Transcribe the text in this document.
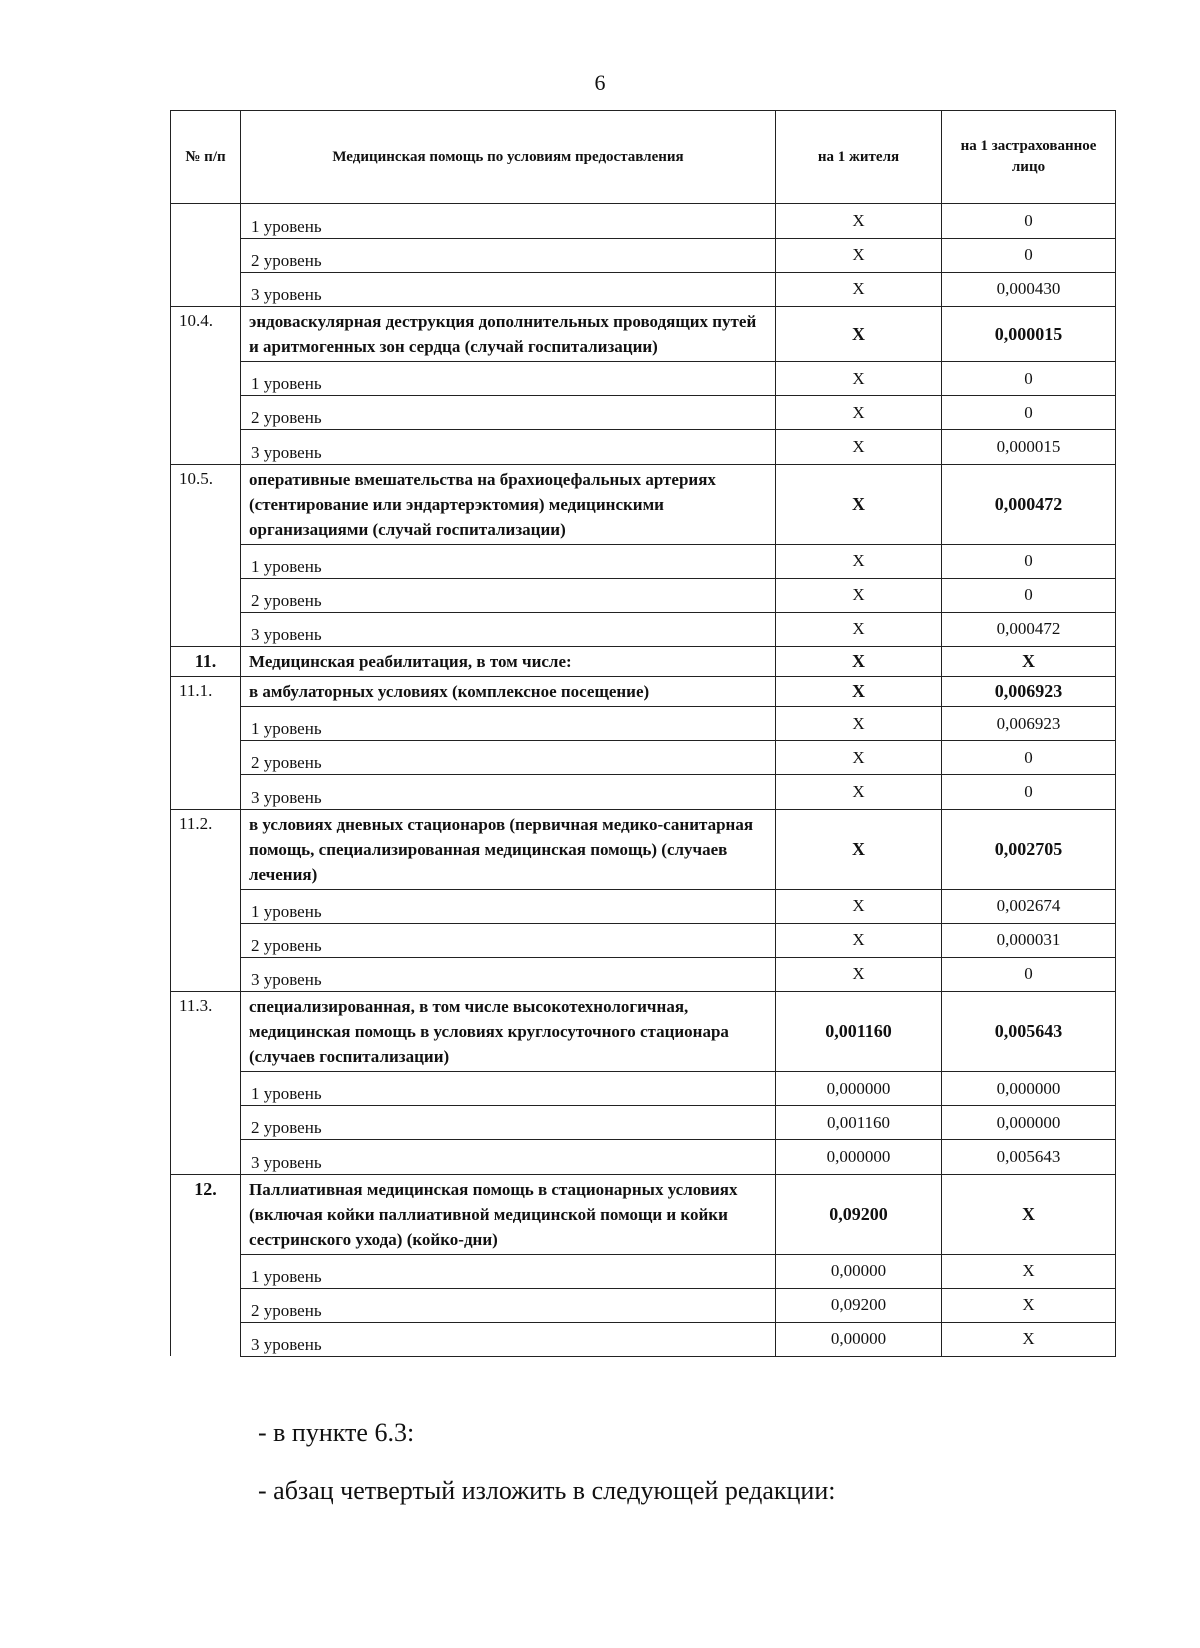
6
№ п/п	Медицинская помощь по условиям предоставления	на 1 жителя	на 1 застрахованное лицо
	1 уровень	X	0
	2 уровень	X	0
	3 уровень	X	0,000430
10.4.	эндоваскулярная деструкция дополнительных проводящих путей и аритмогенных зон сердца (случай госпитализации)	X	0,000015
	1 уровень	X	0
	2 уровень	X	0
	3 уровень	X	0,000015
10.5.	оперативные вмешательства на брахиоцефальных артериях (стентирование или эндартерэктомия) медицинскими организациями (случай госпитализации)	X	0,000472
	1 уровень	X	0
	2 уровень	X	0
	3 уровень	X	0,000472
11.	Медицинская реабилитация, в том числе:	X	X
11.1.	в амбулаторных условиях (комплексное посещение)	X	0,006923
	1 уровень	X	0,006923
	2 уровень	X	0
	3 уровень	X	0
11.2.	в условиях дневных стационаров (первичная медико-санитарная помощь, специализированная медицинская помощь) (случаев лечения)	X	0,002705
	1 уровень	X	0,002674
	2 уровень	X	0,000031
	3 уровень	X	0
11.3.	специализированная, в том числе высокотехнологичная, медицинская помощь в условиях круглосуточного стационара (случаев госпитализации)	0,001160	0,005643
	1 уровень	0,000000	0,000000
	2 уровень	0,001160	0,000000
	3 уровень	0,000000	0,005643
12.	Паллиативная медицинская помощь в стационарных условиях (включая койки паллиативной медицинской помощи и койки сестринского ухода) (койко-дни)	0,09200	X
	1 уровень	0,00000	X
	2 уровень	0,09200	X
	3 уровень	0,00000	X
- в пункте 6.3:
- абзац четвертый изложить в следующей редакции:
